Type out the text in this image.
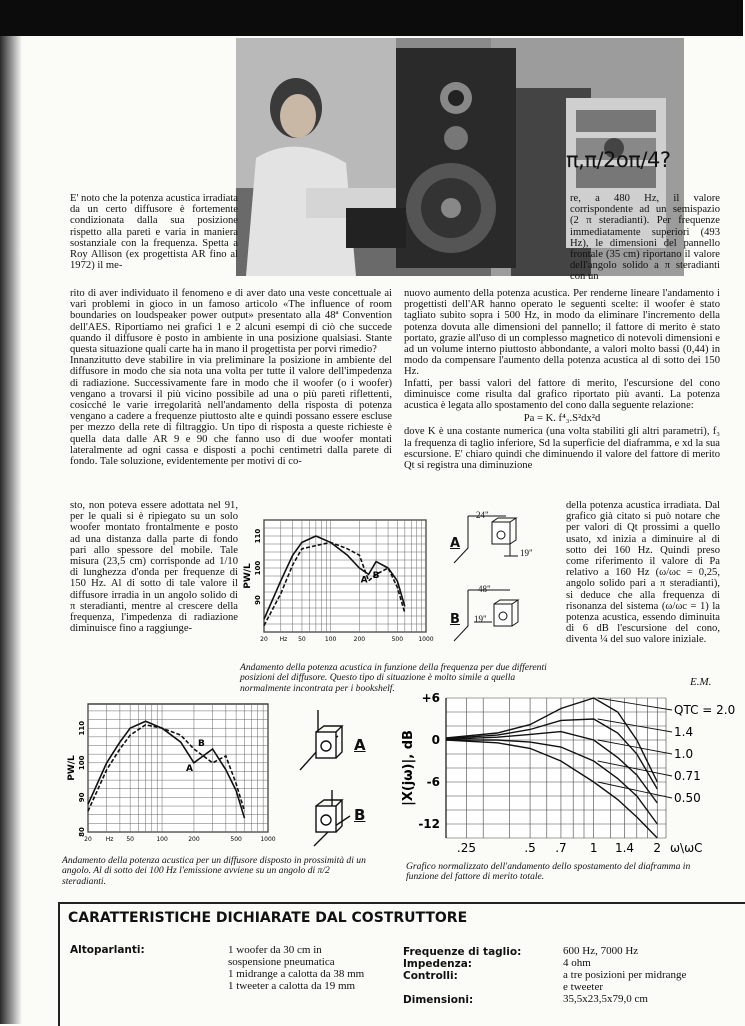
π,π/2oπ/4?
E' noto che la potenza acustica irradiata da un certo diffusore è fortemente condizionata dalla sua posizione rispetto alla pareti e varia in maniera sostanziale con la frequenza. Spetta a Roy Allison (ex progettista AR fino al 1972) il me-

rito di aver individuato il fenomeno e di aver dato una veste concettuale ai vari problemi in gioco in un famoso articolo «The influence of room boundaries on loudspeaker power output» presentato alla 48ª Convention dell'AES. Riportiamo nei grafici 1 e 2 alcuni esempi di ciò che succede quando il diffusore è posto in ambiente in una posizione qualsiasi. Stante questa situazione quali carte ha in mano il progettista per porvi rimedio?

Innanzitutto deve stabilire in via preliminare la posizione in ambiente del diffusore in modo che sia nota una volta per tutte il valore dell'impedenza di radiazione. Successivamente fare in modo che il woofer (o i woofer) vengano a trovarsi il più vicino possibile ad una o più pareti riflettenti, cosicché le varie irregolarità nell'andamento della risposta di potenza vengano a cadere a frequenze piuttosto alte e quindi possano essere escluse per mezzo della rete di filtraggio. Un tipo di risposta a queste richieste è quella data dalle AR 9 e 90 che fanno uso di due woofer montati lateralmente ad ogni cassa e disposti a pochi centimetri dalla parete di fondo. Tale soluzione, evidentemente per motivi di co-

sto, non poteva essere adottata nel 91, per le quali si è ripiegato su un solo woofer montato frontalmente e posto ad una distanza dalla parte di fondo pari allo spessore del mobile. Tale misura (23,5 cm) corrisponde ad 1/10 di lunghezza d'onda per frequenze di 150 Hz. Al di sotto di tale valore il diffusore irradia in un angolo solido di π steradianti, mentre al crescere della frequenza, l'impedenza di radiazione diminuisce fino a raggiunge-
re, a 480 Hz, il valore corrispondente ad un semispazio (2 π steradianti). Per frequenze immediatamente superiori (493 Hz), le dimensioni del pannello frontale (35 cm) riportano il valore dell'angolo solido a π steradianti con un

nuovo aumento della potenza acustica. Per renderne lineare l'andamento i progettisti dell'AR hanno operato le seguenti scelte: il woofer è stato tagliato subito sopra i 500 Hz, in modo da eliminare l'incremento della potenza dovuta alle dimensioni del pannello; il fattore di merito è stato portato, grazie all'uso di un complesso magnetico di notevoli dimensioni e ad un volume interno piuttosto abbondante, a valori molto bassi (0,44) in modo da compensare l'aumento della potenza acustica al di sotto dei 150 Hz.

Infatti, per bassi valori del fattore di merito, l'escursione del cono diminuisce come risulta dal grafico riportato più avanti. La potenza acustica è legata allo spostamento del cono dalla seguente relazione:

Pa = K. f⁴₃.S²dx²d

dove K è una costante numerica (una volta stabiliti gli altri parametri), f₃ la frequenza di taglio inferiore, Sd la superficie del diaframma, e xd la sua escursione. E' chiaro quindi che diminuendo il valore del fattore di merito Qt si registra una diminuzione

della potenza acustica irradiata. Dal grafico già citato si può notare che per valori di Qt prossimi a quello usato, xd inizia a diminuire al di sotto dei 160 Hz. Quindi preso come riferimento il valore di Pa relativo a 160 Hz (ω/ωc = 0,25, angolo solido pari a π steradianti), si deduce che alla frequenza di risonanza del sistema (ω/ωc = 1) la potenza acustica, essendo diminuita di 6 dB l'escursione del cono, diventa ¼ del suo valore iniziale.
E.M.
A
B
24"
19"
48"
19"
20 Hz 50	100	200	500	1000
110
100
90
PW/L	A B
Andamento della potenza acustica in funzione della frequenza per due differenti posizioni del diffusore. Questo tipo di situazione è molto simile a quella normalmente incontrata per i bookshelf.
20 Hz 50	100	200	500	1000
110
100
90
80
PW/L	A
B
Andamento della potenza acustica per un diffusore disposto in prossimità di un angolo. Al di sotto dei 100 Hz l'emissione avviene su un angolo di π/2 steradianti.
A
B
.25	.5 .7 1 1.4 2 ω\ωC
+6
0
-6
-12
|X(jω)|, dB
QTC = 2.0
1.4
1.0
0.71
0.50
Grafico normalizzato dell'andamento dello spostamento del diaframma in funzione del fattore di merito totale.
CARATTERISTICHE DICHIARATE DAL COSTRUTTORE
Altoparlanti:	1 woofer da 30 cm in
sospensione pneumatica
1 midrange a calotta da 38 mm
1 tweeter a calotta da 19 mm
Frequenze di taglio:	600 Hz, 7000 Hz
Impedenza:	4 ohm
Controlli:	a tre posizioni per midrange
e tweeter
Dimensioni:	35,5x23,5x79,0 cm
